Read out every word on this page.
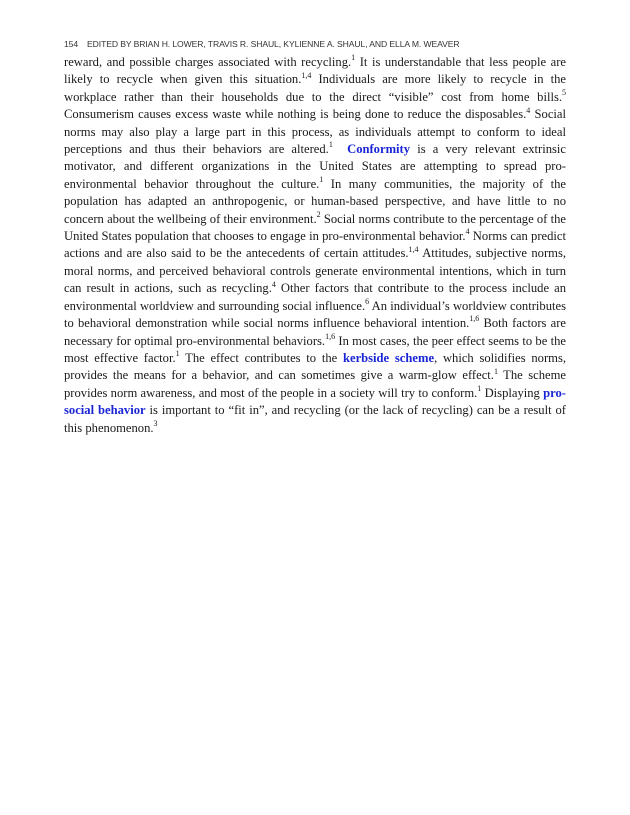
154 EDITED BY BRIAN H. LOWER, TRAVIS R. SHAUL, KYLIENNE A. SHAUL, AND ELLA M. WEAVER

reward, and possible charges associated with recycling.$^1$ It is understandable that less people are likely to recycle when given this situation.$^{1,4}$ Individuals are more likely to recycle in the workplace rather than their households due to the direct “visible” cost from home bills.$^5$ Consumerism causes excess waste while nothing is being done to reduce the disposables.$^4$ Social norms may also play a large part in this process, as individuals attempt to conform to ideal perceptions and thus their behaviors are altered.$^1$ Conformity is a very relevant extrinsic motivator, and different organizations in the United States are attempting to spread pro-environmental behavior throughout the culture.$^1$ In many communities, the majority of the population has adapted an anthropogenic, or human-based perspective, and have little to no concern about the wellbeing of their environment.$^2$ Social norms contribute to the percentage of the United States population that chooses to engage in pro-environmental behavior.$^4$ Norms can predict actions and are also said to be the antecedents of certain attitudes.$^{1,4}$ Attitudes, subjective norms, moral norms, and perceived behavioral controls generate environmental intentions, which in turn can result in actions, such as recycling.$^4$ Other factors that contribute to the process include an environmental worldview and surrounding social influence.$^6$ An individual’s worldview contributes to behavioral demonstration while social norms influence behavioral intention.$^{1,6}$ Both factors are necessary for optimal pro-environmental behaviors.$^{1,6}$ In most cases, the peer effect seems to be the most effective factor.$^1$ The effect contributes to the kerbside scheme, which solidifies norms, provides the means for a behavior, and can sometimes give a warm-glow effect.$^1$ The scheme provides norm awareness, and most of the people in a society will try to conform.$^1$ Displaying pro-social behavior is important to “fit in”, and recycling (or the lack of recycling) can be a result of this phenomenon.$^3$
